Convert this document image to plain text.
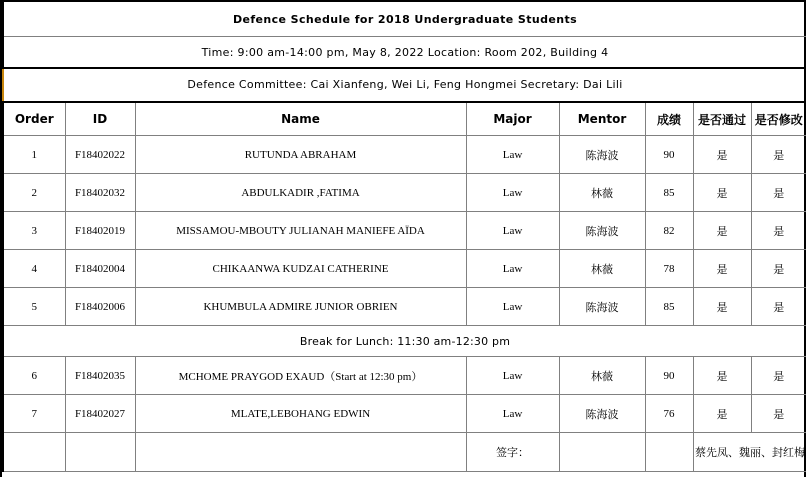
Defence Schedule for 2018 Undergraduate Students							
Time: 9:00 am-14:00 pm, May 8, 2022 Location: Room 202, Building 4							

Defence Committee: Cai Xianfeng, Wei Li, Feng Hongmei Secretary: Dai Lili							

Order	ID	Name	Major	Mentor	成绩	是否通过	是否修改
1	F18402022	RUTUNDA ABRAHAM	Law	陈海波	90	是	是
2	F18402032	ABDULKADIR ,FATIMA	Law	林薇	85	是	是
3	F18402019	MISSAMOU-MBOUTY JULIANAH MANIEFE AÏDA	Law	陈海波	82	是	是
4	F18402004	CHIKAANWA KUDZAI CATHERINE	Law	林薇	78	是	是
5	F18402006	KHUMBULA ADMIRE JUNIOR OBRIEN	Law	陈海波	85	是	是
Break for Lunch: 11:30 am-12:30 pm							
6	F18402035	MCHOME PRAYGOD EXAUD（Start at 12:30 pm）	Law	林薇	90	是	是
7	F18402027	MLATE,LEBOHANG EDWIN	Law	陈海波	76	是	是
			签字：			蔡先凤、魏丽、封红梅	
